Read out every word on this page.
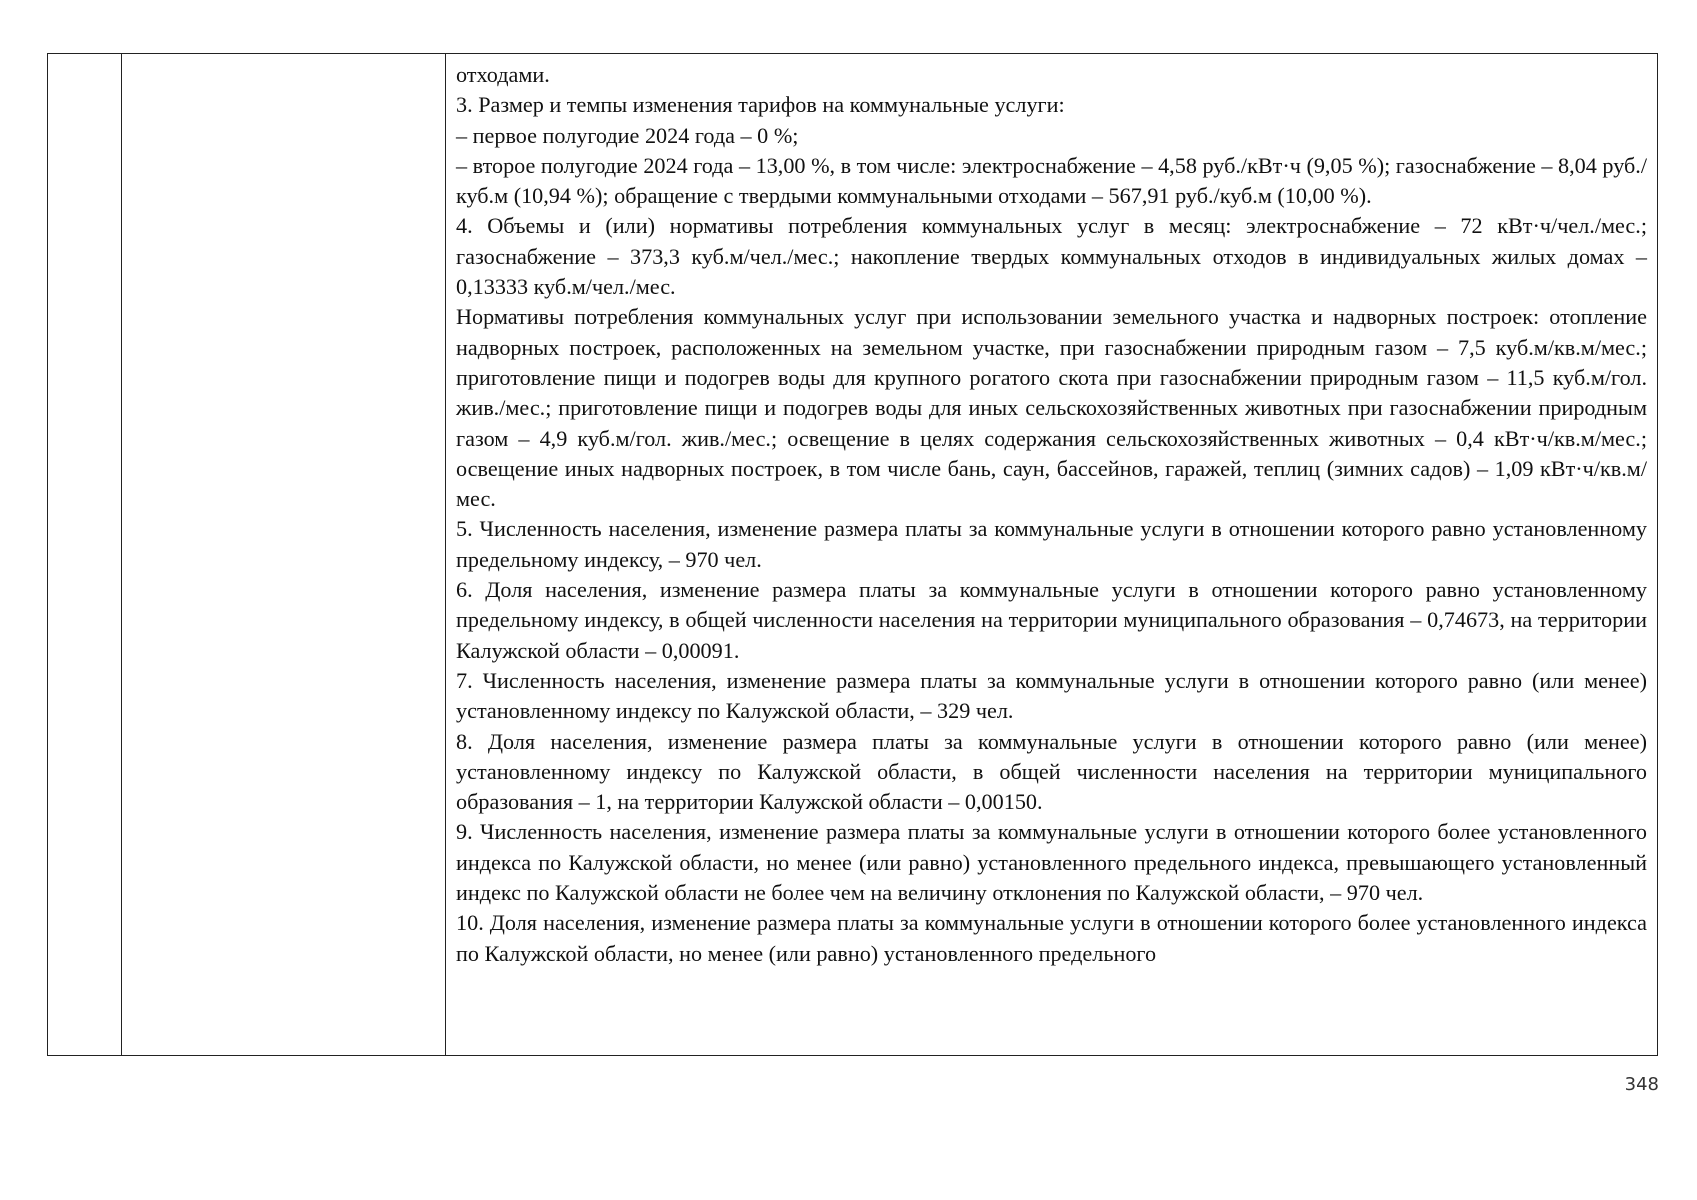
отходами.

3. Размер и темпы изменения тарифов на коммунальные услуги:

– первое полугодие 2024 года – 0 %;

– второе полугодие 2024 года – 13,00 %, в том числе: электроснабжение – 4,58 руб./кВт·ч (9,05 %); газоснабжение – 8,04 руб./куб.м (10,94 %); обращение с твердыми коммунальными отходами – 567,91 руб./куб.м (10,00 %).

4. Объемы и (или) нормативы потребления коммунальных услуг в месяц: электроснабжение – 72 кВт·ч/чел./мес.; газоснабжение – 373,3 куб.м/чел./мес.; накопление твердых коммунальных отходов в индивидуальных жилых домах – 0,13333 куб.м/чел./мес.

Нормативы потребления коммунальных услуг при использовании земельного участка и надворных построек: отопление надворных построек, расположенных на земельном участке, при газоснабжении природным газом – 7,5 куб.м/кв.м/мес.; приготовление пищи и подогрев воды для крупного рогатого скота при газоснабжении природным газом – 11,5 куб.м/гол. жив./мес.; приготовление пищи и подогрев воды для иных сельскохозяйственных животных при газоснабжении природным газом – 4,9 куб.м/гол. жив./мес.; освещение в целях содержания сельскохозяйственных животных – 0,4 кВт·ч/кв.м/мес.; освещение иных надворных построек, в том числе бань, саун, бассейнов, гаражей, теплиц (зимних садов) – 1,09 кВт·ч/кв.м/мес.

5. Численность населения, изменение размера платы за коммунальные услуги в отношении которого равно установленному предельному индексу, – 970 чел.

6. Доля населения, изменение размера платы за коммунальные услуги в отношении которого равно установленному предельному индексу, в общей численности населения на территории муниципального образования – 0,74673, на территории Калужской области – 0,00091.

7. Численность населения, изменение размера платы за коммунальные услуги в отношении которого равно (или менее) установленному индексу по Калужской области, – 329 чел.

8. Доля населения, изменение размера платы за коммунальные услуги в отношении которого равно (или менее) установленному индексу по Калужской области, в общей численности населения на территории муниципального образования – 1, на территории Калужской области – 0,00150.

9. Численность населения, изменение размера платы за коммунальные услуги в отношении которого более установленного индекса по Калужской области, но менее (или равно) установленного предельного индекса, превышающего установленный индекс по Калужской области не более чем на величину отклонения по Калужской области, – 970 чел.

10. Доля населения, изменение размера платы за коммунальные услуги в отношении которого более установленного индекса по Калужской области, но менее (или равно) установленного предельного

348
